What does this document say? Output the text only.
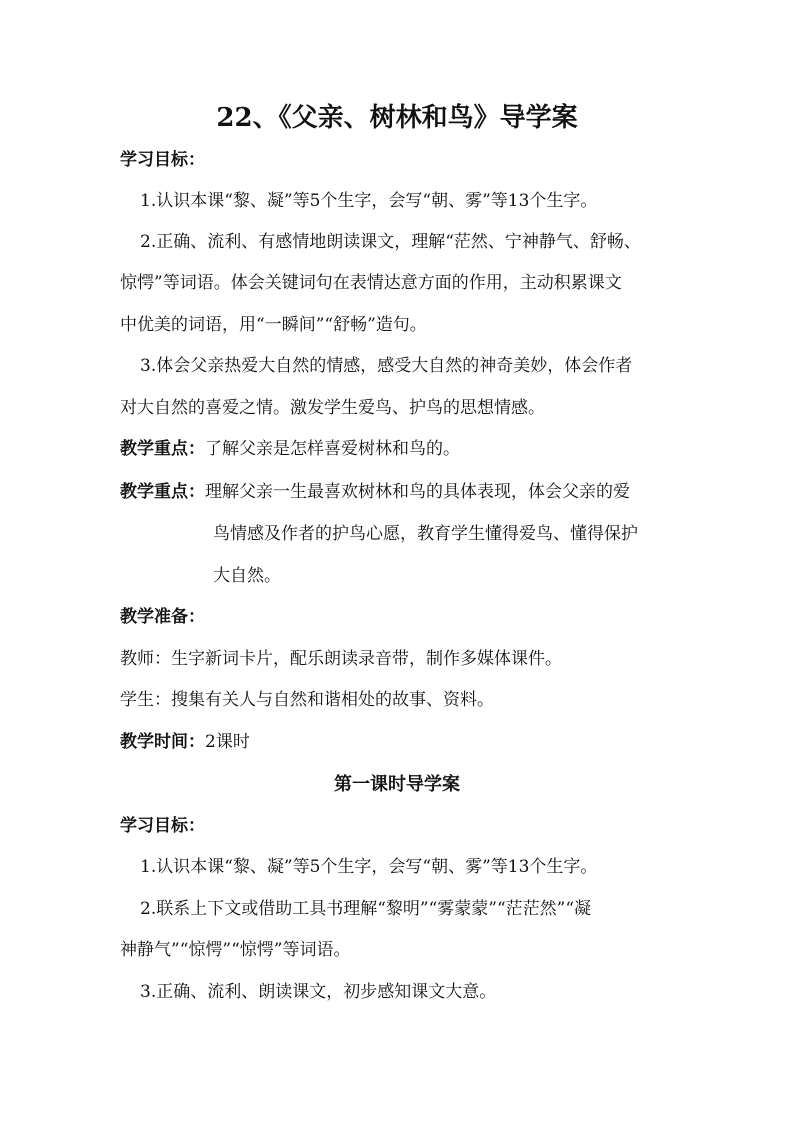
22、《父亲、树林和鸟》导学案
学习目标：
1.认识本课“黎、凝”等5个生字，会写“朝、雾”等13个生字。
2.正确、流利、有感情地朗读课文，理解“茫然、宁神静气、舒畅、
惊愕”等词语。体会关键词句在表情达意方面的作用，主动积累课文
中优美的词语，用“一瞬间”“舒畅”造句。
3.体会父亲热爱大自然的情感，感受大自然的神奇美妙，体会作者
对大自然的喜爱之情。激发学生爱鸟、护鸟的思想情感。
教学重点：了解父亲是怎样喜爱树林和鸟的。
教学重点：理解父亲一生最喜欢树林和鸟的具体表现，体会父亲的爱
鸟情感及作者的护鸟心愿，教育学生懂得爱鸟、懂得保护
大自然。
教学准备：
教师：生字新词卡片，配乐朗读录音带，制作多媒体课件。
学生：搜集有关人与自然和谐相处的故事、资料。
教学时间：2课时
第一课时导学案
学习目标：
1.认识本课“黎、凝”等5个生字，会写“朝、雾”等13个生字。
2.联系上下文或借助工具书理解“黎明”“雾蒙蒙”“茫茫然”“凝
神静气”“惊愕”“惊愕”等词语。
3.正确、流利、朗读课文，初步感知课文大意。
